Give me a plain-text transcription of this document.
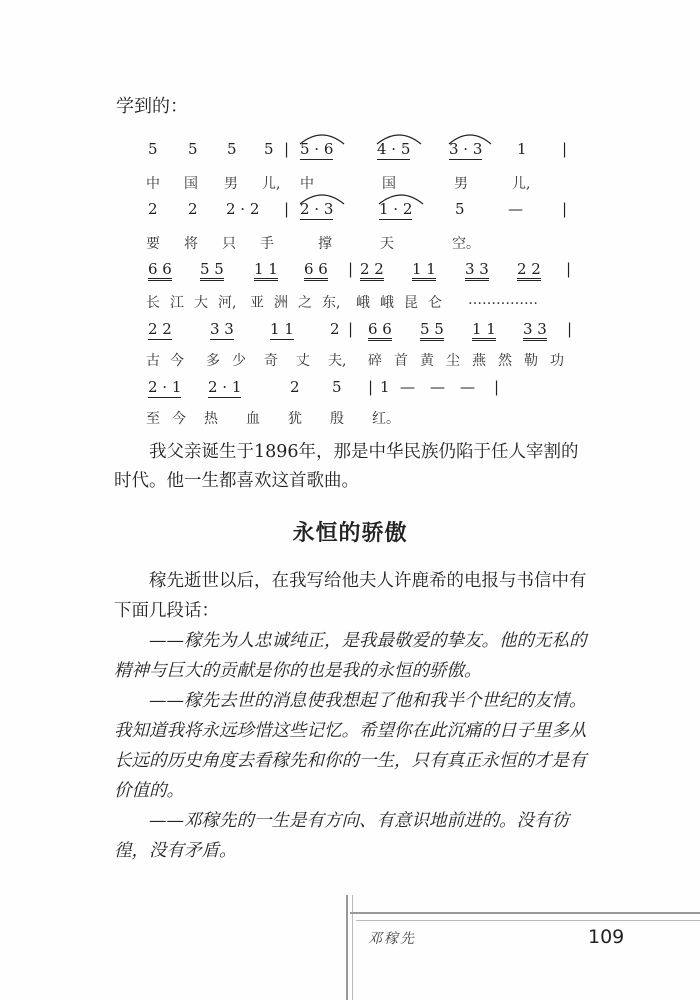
学到的：
5 5 5 5 | 5 · 6	4 · 5	3 · 3 1 |
中 国 男 儿, 中	国	男	儿,
2 2 2 · 2 | 2 · 3	1 · 2	5	—	|
要 将 只 手	撑	天	空。
6 6 5 5 1 1 6 6 | 2 2 1 1 3 3 2 2 |
长 江 大 河, 亚 洲 之 东, 峨 峨 昆 仑 ……………
2 2	3 3 1 1 2 | 6 6 5 5 1 1 3 3 |
古 今 多 少 奇 丈 夫, 碎 首 黄 尘 燕 然 勒 功
2 · 1 2 · 1	2 5 | 1 — — — |
至 今 热 血 犹 殷 红。
我父亲诞生于1896年，那是中华民族仍陷于任人宰割的时代。他一生都喜欢这首歌曲。
永恒的骄傲
稼先逝世以后，在我写给他夫人许鹿希的电报与书信中有下面几段话：
——稼先为人忠诚纯正，是我最敬爱的挚友。他的无私的精神与巨大的贡献是你的也是我的永恒的骄傲。
——稼先去世的消息使我想起了他和我半个世纪的友情。我知道我将永远珍惜这些记忆。希望你在此沉痛的日子里多从长远的历史角度去看稼先和你的一生，只有真正永恒的才是有价值的。
——邓稼先的一生是有方向、有意识地前进的。没有彷徨，没有矛盾。
邓稼先	109
